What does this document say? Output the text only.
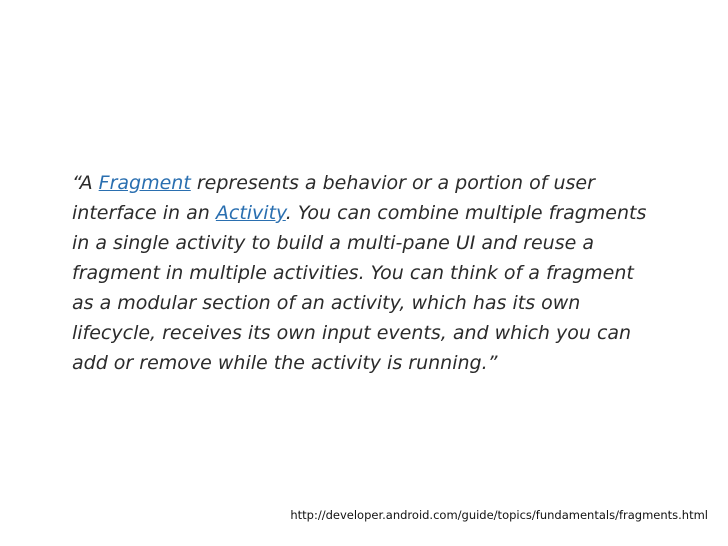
“A Fragment represents a behavior or a portion of user
interface in an Activity. You can combine multiple fragments
in a single activity to build a multi-pane UI and reuse a
fragment in multiple activities. You can think of a fragment
as a modular section of an activity, which has its own
lifecycle, receives its own input events, and which you can
add or remove while the activity is running.”

http://developer.android.com/guide/topics/fundamentals/fragments.html
